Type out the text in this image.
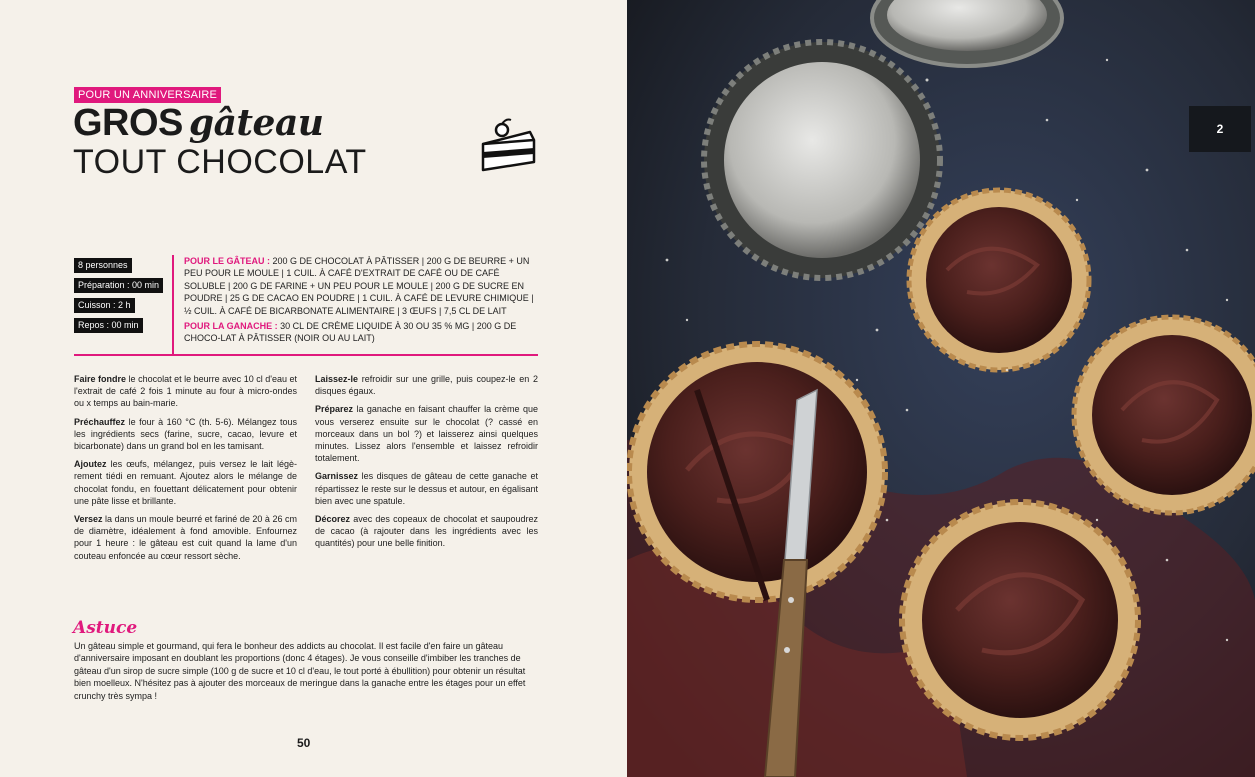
POUR UN ANNIVERSAIRE
GROS gâteau
TOUT CHOCOLAT
8 personnes
Préparation : 00 min
Cuisson : 2 h
Repos : 00 min

POUR LE GÂTEAU : 200 G DE CHOCOLAT À PÂTISSER | 200 G DE BEURRE + UN PEU POUR LE MOULE | 1 CUIL. À CAFÉ D'EXTRAIT DE CAFÉ OU DE CAFÉ SOLUBLE | 200 G DE FARINE + UN PEU POUR LE MOULE | 200 G DE SUCRE EN POUDRE | 25 G DE CACAO EN POUDRE | 1 CUIL. À CAFÉ DE LEVURE CHIMIQUE | ½ CUIL. À CAFÉ DE BICARBONATE ALIMENTAIRE | 3 ŒUFS | 7,5 CL DE LAIT

POUR LA GANACHE : 30 CL DE CRÈME LIQUIDE À 30 OU 35 % MG | 200 G DE CHOCO-LAT À PÂTISSER (NOIR OU AU LAIT)

Faire fondre le chocolat et le beurre avec 10 cl d'eau et l'extrait de café 2 fois 1 minute au four à micro-ondes ou x temps au bain-marie.

Préchauffez le four à 160 °C (th. 5-6). Mélangez tous les ingrédients secs (farine, sucre, cacao, levure et bicarbonate) dans un grand bol en les tamisant.

Ajoutez les œufs, mélangez, puis versez le lait légè-rement tiédi en remuant. Ajoutez alors le mélange de chocolat fondu, en fouettant délicatement pour obtenir une pâte lisse et brillante.

Versez la dans un moule beurré et fariné de 20 à 26 cm de diamètre, idéalement à fond amovible. Enfournez pour 1 heure : le gâteau est cuit quand la lame d'un couteau enfoncée au cœur ressort sèche.

Laissez-le refroidir sur une grille, puis coupez-le en 2 disques égaux.

Préparez la ganache en faisant chauffer la crème que vous verserez ensuite sur le chocolat (? cassé en morceaux dans un bol ?) et laisserez ainsi quelques minutes. Lissez alors l'ensemble et laissez refroidir totalement.

Garnissez les disques de gâteau de cette ganache et répartissez le reste sur le dessus et autour, en égalisant bien avec une spatule.

Décorez avec des copeaux de chocolat et saupoudrez de cacao (à rajouter dans les ingrédients avec les quantités) pour une belle finition.

Astuce
Un gâteau simple et gourmand, qui fera le bonheur des addicts au chocolat. Il est facile d'en faire un gâteau d'anniversaire imposant en doublant les proportions (donc 4 étages). Je vous conseille d'imbiber les tranches de gâteau d'un sirop de sucre simple (100 g de sucre et 10 cl d'eau, le tout porté à ébullition) pour obtenir un résultat bien moelleux. N'hésitez pas à ajouter des morceaux de meringue dans la ganache entre les étages pour un effet crunchy très sympa !
50
2
